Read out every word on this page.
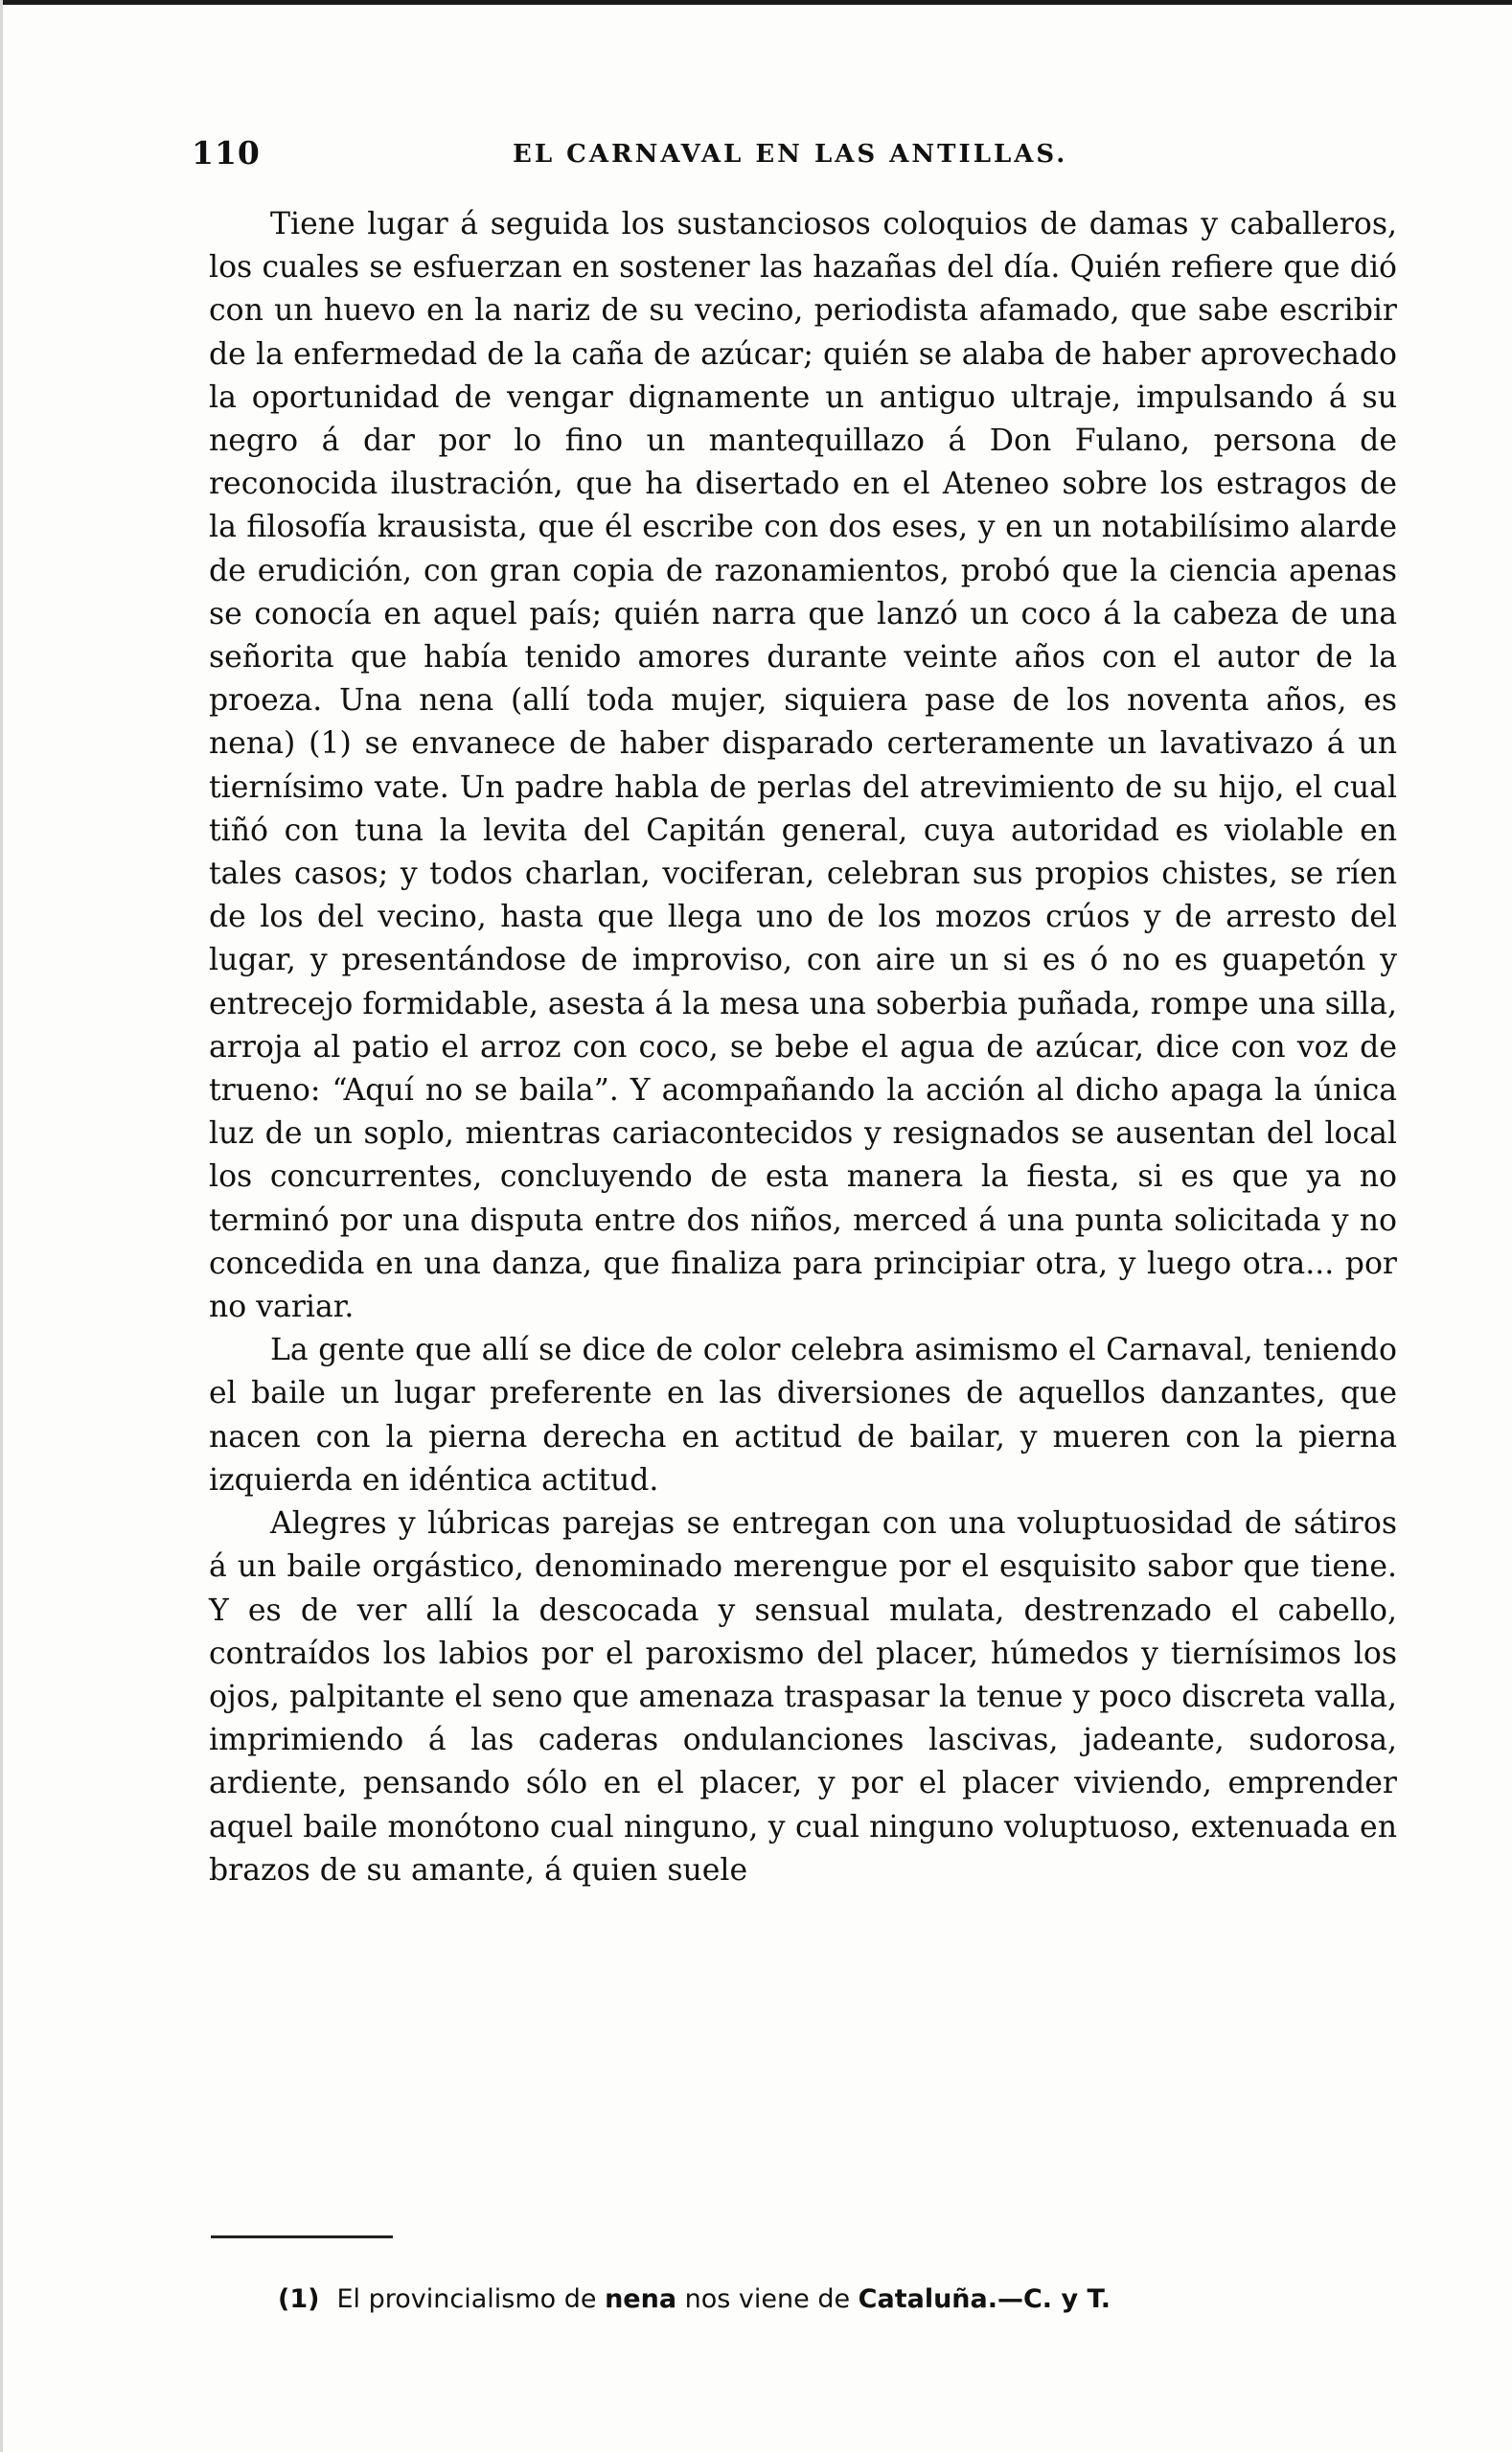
110	EL CARNAVAL EN LAS ANTILLAS.

Tiene lugar á seguida los sustanciosos coloquios de damas y caballeros, los cuales se esfuerzan en sostener las hazañas del día. Quién refiere que dió con un huevo en la nariz de su vecino, periodista afamado, que sabe escribir de la enfermedad de la caña de azúcar; quién se alaba de haber aprovechado la oportunidad de vengar dignamente un antiguo ultraje, impulsando á su negro á dar por lo fino un mantequillazo á Don Fulano, persona de reconocida ilustración, que ha disertado en el Ateneo sobre los estragos de la filosofía krausista, que él escribe con dos eses, y en un notabilísimo alarde de erudición, con gran copia de razonamientos, probó que la ciencia apenas se conocía en aquel país; quién narra que lanzó un coco á la cabeza de una señorita que había tenido amores durante veinte años con el autor de la proeza. Una nena (allí toda mujer, siquiera pase de los noventa años, es nena) (1) se envanece de haber disparado certeramente un lavativazo á un tiernísimo vate. Un padre habla de perlas del atrevimiento de su hijo, el cual tiñó con tuna la levita del Capitán general, cuya autoridad es violable en tales casos; y todos charlan, vociferan, celebran sus propios chistes, se ríen de los del vecino, hasta que llega uno de los mozos crúos y de arresto del lugar, y presentándose de improviso, con aire un si es ó no es guapetón y entrecejo formidable, asesta á la mesa una soberbia puñada, rompe una silla, arroja al patio el arroz con coco, se bebe el agua de azúcar, dice con voz de trueno: “Aquí no se baila”. Y acompañando la acción al dicho apaga la única luz de un soplo, mientras cariacontecidos y resignados se ausentan del local los concurrentes, concluyendo de esta manera la fiesta, si es que ya no terminó por una disputa entre dos niños, merced á una punta solicitada y no concedida en una danza, que finaliza para principiar otra, y luego otra... por no variar.

La gente que allí se dice de color celebra asimismo el Carnaval, teniendo el baile un lugar preferente en las diversiones de aquellos danzantes, que nacen con la pierna derecha en actitud de bailar, y mueren con la pierna izquierda en idéntica actitud.

Alegres y lúbricas parejas se entregan con una voluptuosidad de sátiros á un baile orgástico, denominado merengue por el esquisito sabor que tiene. Y es de ver allí la descocada y sensual mulata, destrenzado el cabello, contraídos los labios por el paroxismo del placer, húmedos y tiernísimos los ojos, palpitante el seno que amenaza traspasar la tenue y poco discreta valla, imprimiendo á las caderas ondulanciones lascivas, jadeante, sudorosa, ardiente, pensando sólo en el placer, y por el placer viviendo, emprender aquel baile monótono cual ninguno, y cual ninguno voluptuoso, extenuada en brazos de su amante, á quien suele

(1) El provincialismo de nena nos viene de Cataluña.—C. y T.
